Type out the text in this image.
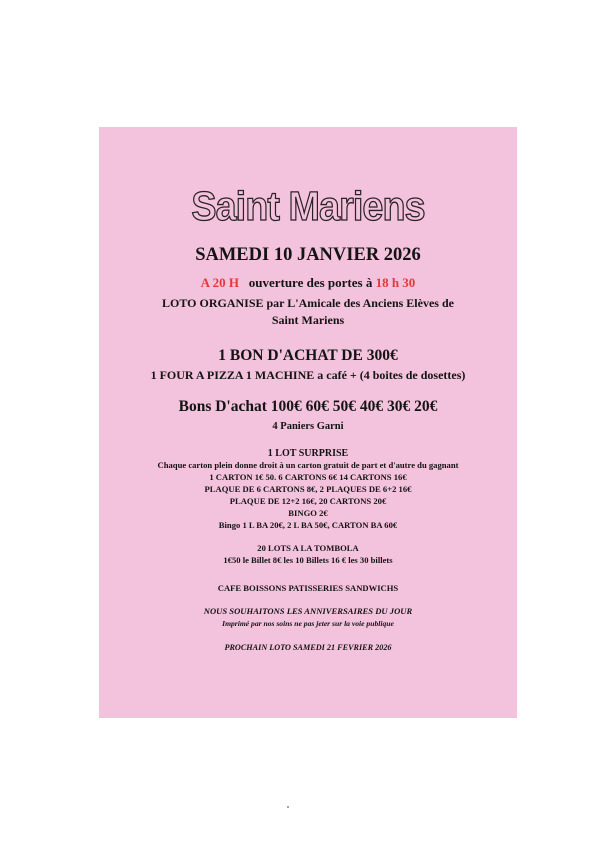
Saint Mariens
SAMEDI 10 JANVIER 2026
A 20 H ouverture des portes à 18 h 30
LOTO ORGANISE par L'Amicale des Anciens Elèves de
Saint Mariens
1 BON D'ACHAT DE 300€
1 FOUR A PIZZA 1 MACHINE a café + (4 boites de dosettes)
Bons D'achat 100€ 60€ 50€ 40€ 30€ 20€
4 Paniers Garni
1 LOT SURPRISE
Chaque carton plein donne droit à un carton gratuit de part et d'autre du gagnant
1 CARTON 1€ 50. 6 CARTONS 6€ 14 CARTONS 16€
PLAQUE DE 6 CARTONS 8€, 2 PLAQUES DE 6+2 16€
PLAQUE DE 12+2 16€, 20 CARTONS 20€
BINGO 2€
Bingo 1 L BA 20€, 2 L BA 50€, CARTON BA 60€
20 LOTS A LA TOMBOLA
1€50 le Billet 8€ les 10 Billets 16 € les 30 billets
CAFE BOISSONS PATISSERIES SANDWICHS
NOUS SOUHAITONS LES ANNIVERSAIRES DU JOUR
Imprimé par nos soins ne pas jeter sur la voie publique
PROCHAIN LOTO SAMEDI 21 FEVRIER 2026
